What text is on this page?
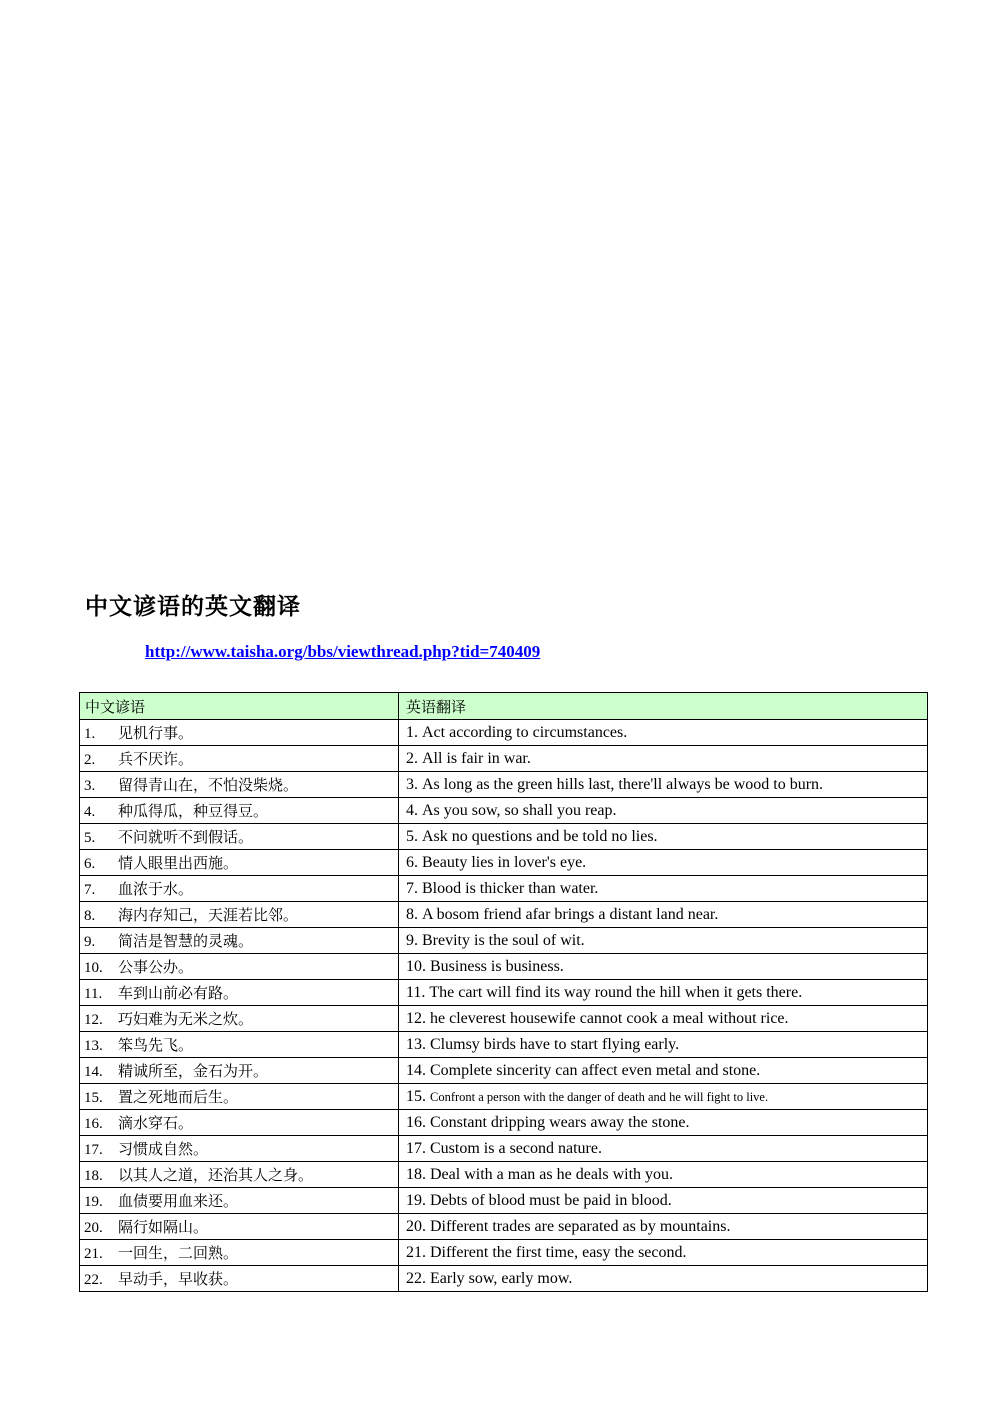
中文谚语的英文翻译
http://www.taisha.org/bbs/viewthread.php?tid=740409
中文谚语	英语翻译
1. 见机行事。	1. Act according to circumstances.
2. 兵不厌诈。	2. All is fair in war.
3. 留得青山在，不怕没柴烧。	3. As long as the green hills last, there'll always be wood to burn.
4. 种瓜得瓜，种豆得豆。	4. As you sow, so shall you reap.
5. 不问就听不到假话。	5. Ask no questions and be told no lies.
6. 情人眼里出西施。	6. Beauty lies in lover's eye.
7. 血浓于水。	7. Blood is thicker than water.
8. 海内存知己，天涯若比邻。	8. A bosom friend afar brings a distant land near.
9. 简洁是智慧的灵魂。	9. Brevity is the soul of wit.
10. 公事公办。	10. Business is business.
11. 车到山前必有路。	11. The cart will find its way round the hill when it gets there.
12. 巧妇难为无米之炊。	12. he cleverest housewife cannot cook a meal without rice.
13. 笨鸟先飞。	13. Clumsy birds have to start flying early.
14. 精诚所至，金石为开。	14. Complete sincerity can affect even metal and stone.
15. 置之死地而后生。	15. Confront a person with the danger of death and he will fight to live.
16. 滴水穿石。	16. Constant dripping wears away the stone.
17. 习惯成自然。	17. Custom is a second nature.
18. 以其人之道，还治其人之身。	18. Deal with a man as he deals with you.
19. 血债要用血来还。	19. Debts of blood must be paid in blood.
20. 隔行如隔山。	20. Different trades are separated as by mountains.
21. 一回生，二回熟。	21. Different the first time, easy the second.
22. 早动手，早收获。	22. Early sow, early mow.
